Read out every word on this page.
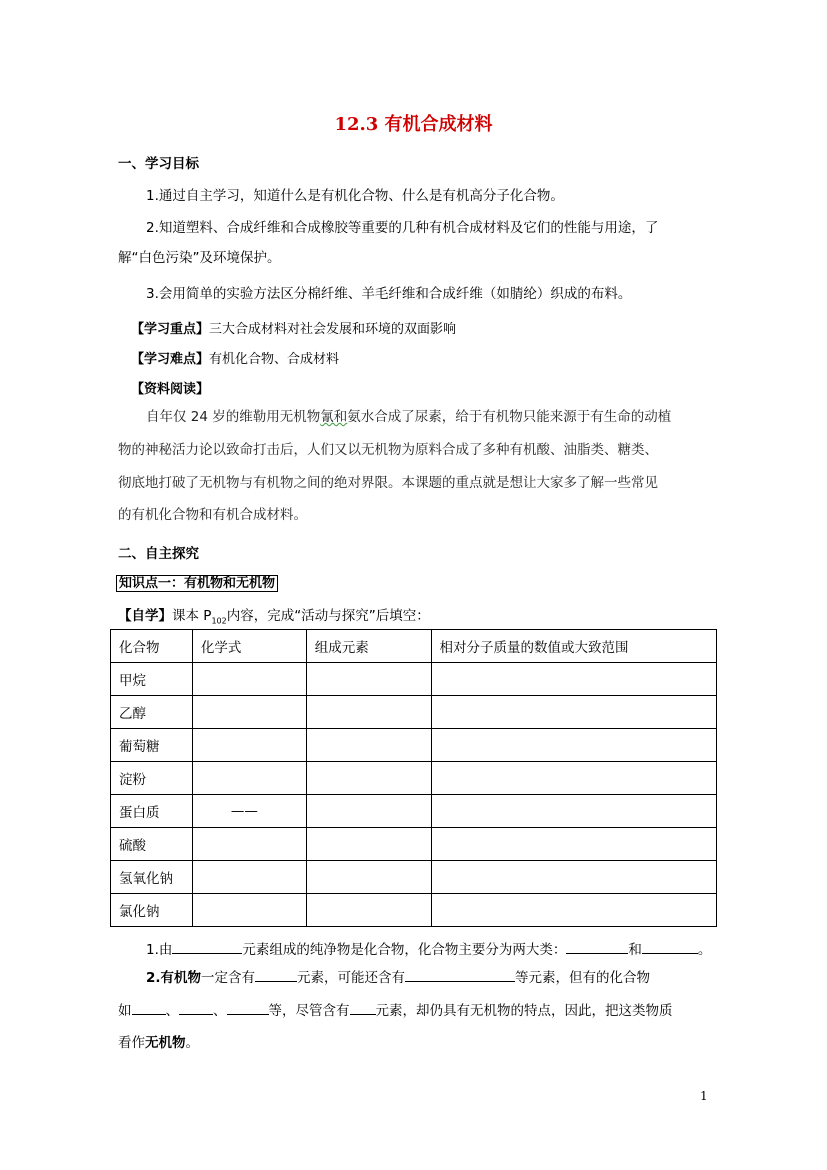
12.3 有机合成材料
一、学习目标
1.通过自主学习，知道什么是有机化合物、什么是有机高分子化合物。
2.知道塑料、合成纤维和合成橡胶等重要的几种有机合成材料及它们的性能与用途，了
解“白色污染”及环境保护。
3.会用简单的实验方法区分棉纤维、羊毛纤维和合成纤维（如腈纶）织成的布料。
【学习重点】三大合成材料对社会发展和环境的双面影响
【学习难点】有机化合物、合成材料
【资料阅读】
自年仅 24 岁的维勒用无机物氰和氨水合成了尿素，给于有机物只能来源于有生命的动植
物的神秘活力论以致命打击后，人们又以无机物为原料合成了多种有机酸、油脂类、糖类、
彻底地打破了无机物与有机物之间的绝对界限。本课题的重点就是想让大家多了解一些常见
的有机化合物和有机合成材料。
二、自主探究
知识点一：有机物和无机物
【自学】课本 $P_{102}$内容，完成“活动与探究”后填空：
化合物	化学式	组成元素	相对分子质量的数值或大致范围
甲烷			
乙醇			
葡萄糖			
淀粉			
蛋白质	——		
硫酸			
氢氧化钠			
氯化钠			
1.由	元素组成的纯净物是化合物，化合物主要分为两大类：	和	。
2.有机物一定含有	元素，可能还含有	等元素，但有的化合物
如	、	、	等，尽管含有 元素，却仍具有无机物的特点，因此，把这类物质
看作无机物。
1
